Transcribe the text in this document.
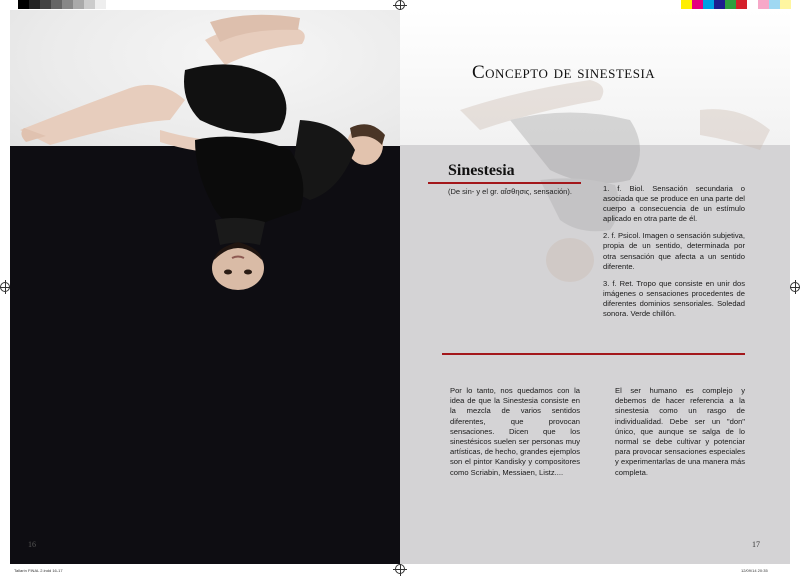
Tallarín FINAL 2.indd 16-17	12/09/14 20:35
16
Concepto de sinestesia
Sinestesia
(De sin- y el gr. αἴσθησις, sensación).	1. f. Biol. Sensación secundaria o asociada que se produce en una parte del cuerpo a consecuencia de un estímulo aplicado en otra parte de él.

2. f. Psicol. Imagen o sensación subjetiva, propia de un sentido, determinada por otra sensación que afecta a un sentido diferente.

3. f. Ret. Tropo que consiste en unir dos imágenes o sensaciones procedentes de diferentes dominios sensoriales. Soledad sonora. Verde chillón.

Por lo tanto, nos quedamos con la idea de que la Sinestesia consiste en la mezcla de varios sentidos diferentes, que provocan sensaciones. Dicen que los sinestésicos suelen ser personas muy artísticas, de hecho, grandes ejemplos son el pintor Kandisky y compositores como Scriabin, Messiaen, Listz....
El ser humano es complejo y debemos de hacer referencia a la sinestesia como un rasgo de individualidad. Debe ser un "don" único, que aunque se salga de lo normal se debe cultivar y potenciar para provocar sensaciones especiales y experimentarlas de una manera más completa.
17
